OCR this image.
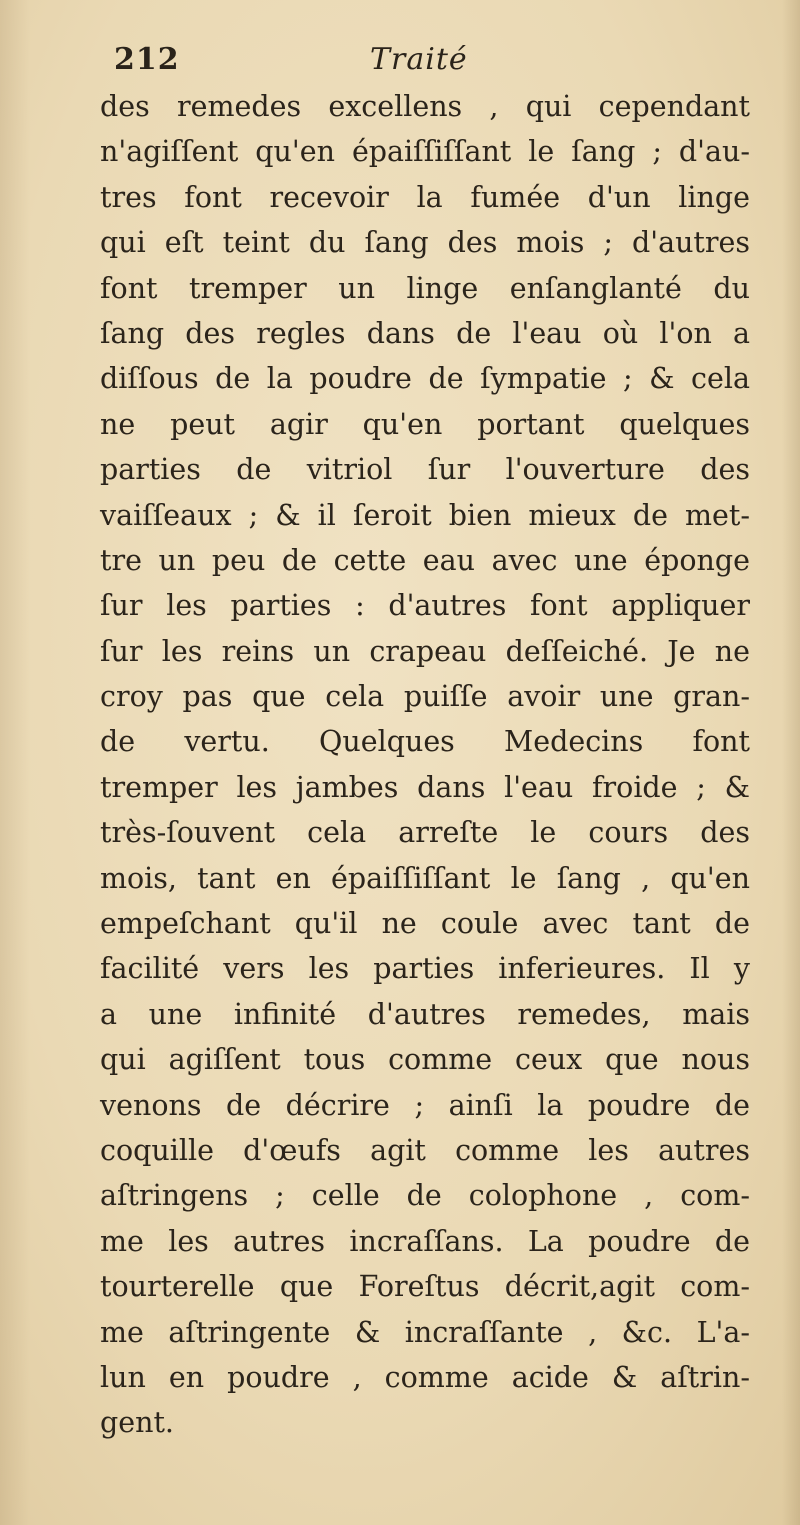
212	Traité
des remedes excellens , qui cependant
n'agiſſent qu'en épaiſſiſſant le ſang ; d'au-
tres font recevoir la fumée d'un linge
qui eſt teint du ſang des mois ; d'autres
font tremper un linge enſanglanté du
ſang des regles dans de l'eau où l'on a
diſſous de la poudre de ſympatie ; & cela
ne peut agir qu'en portant quelques
parties de vitriol ſur l'ouverture des
vaiſſeaux ; & il ſeroit bien mieux de met-
tre un peu de cette eau avec une éponge
ſur les parties : d'autres font appliquer
ſur les reins un crapeau deſſeiché. Je ne
croy pas que cela puiſſe avoir une gran-
de vertu. Quelques Medecins font
tremper les jambes dans l'eau froide ; &
très-ſouvent cela arreſte le cours des
mois, tant en épaiſſiſſant le ſang , qu'en
empeſchant qu'il ne coule avec tant de
facilité vers les parties inferieures. Il y
a une infinité d'autres remedes, mais
qui agiſſent tous comme ceux que nous
venons de décrire ; ainſi la poudre de
coquille d'œufs agit comme les autres
aſtringens ; celle de colophone , com-
me les autres incraſſans. La poudre de
tourterelle que Foreſtus décrit,agit com-
me aſtringente & incraſſante , &c. L'a-
lun en poudre , comme acide & aſtrin-
gent.
